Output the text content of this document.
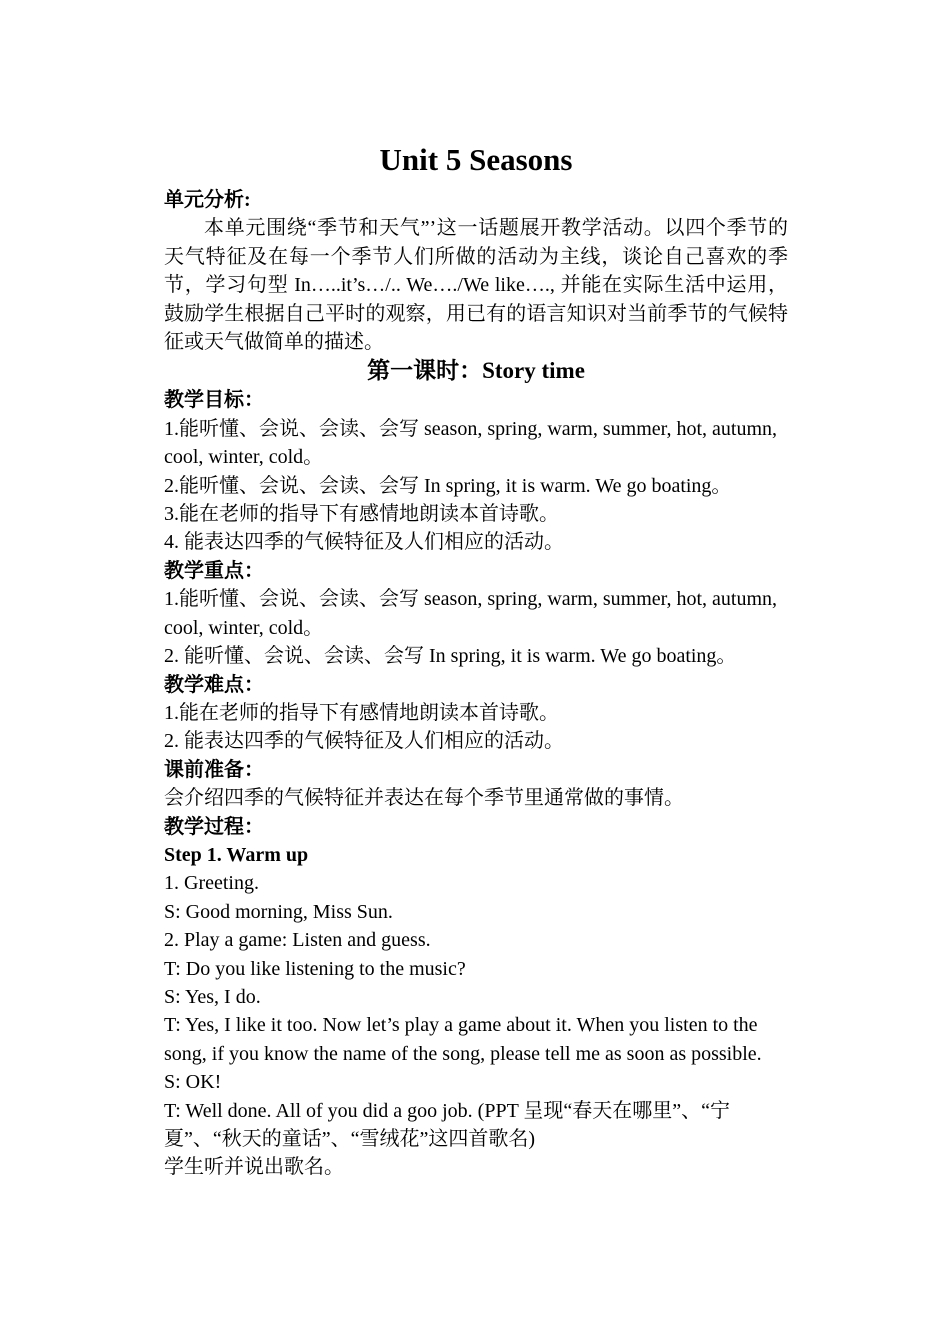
Unit 5 Seasons
单元分析:
本单元围绕“季节和天气”’这一话题展开教学活动。以四个季节的天气特征及在每一个季节人们所做的活动为主线，谈论自己喜欢的季节，学习句型 In…..it’s…/.. We…./We like…., 并能在实际生活中运用，鼓励学生根据自己平时的观察，用已有的语言知识对当前季节的气候特征或天气做简单的描述。
第一课时：Story time
教学目标：
1.能听懂、会说、会读、会写 season, spring, warm, summer, hot, autumn, cool, winter, cold。
2.能听懂、会说、会读、会写 In spring, it is warm. We go boating。
3.能在老师的指导下有感情地朗读本首诗歌。
4. 能表达四季的气候特征及人们相应的活动。
教学重点：
1.能听懂、会说、会读、会写 season, spring, warm, summer, hot, autumn, cool, winter, cold。
2. 能听懂、会说、会读、会写 In spring, it is warm. We go boating。
教学难点：
1.能在老师的指导下有感情地朗读本首诗歌。
2. 能表达四季的气候特征及人们相应的活动。
课前准备：
会介绍四季的气候特征并表达在每个季节里通常做的事情。
教学过程：
Step 1. Warm up
1. Greeting.
S: Good morning, Miss Sun.
2. Play a game: Listen and guess.
T: Do you like listening to the music?
S: Yes, I do.
T: Yes, I like it too. Now let’s play a game about it. When you listen to the song, if you know the name of the song, please tell me as soon as possible.
S: OK!
T: Well done. All of you did a goo job. (PPT 呈现“春天在哪里”、“宁夏”、“秋天的童话”、“雪绒花”这四首歌名)
学生听并说出歌名。
